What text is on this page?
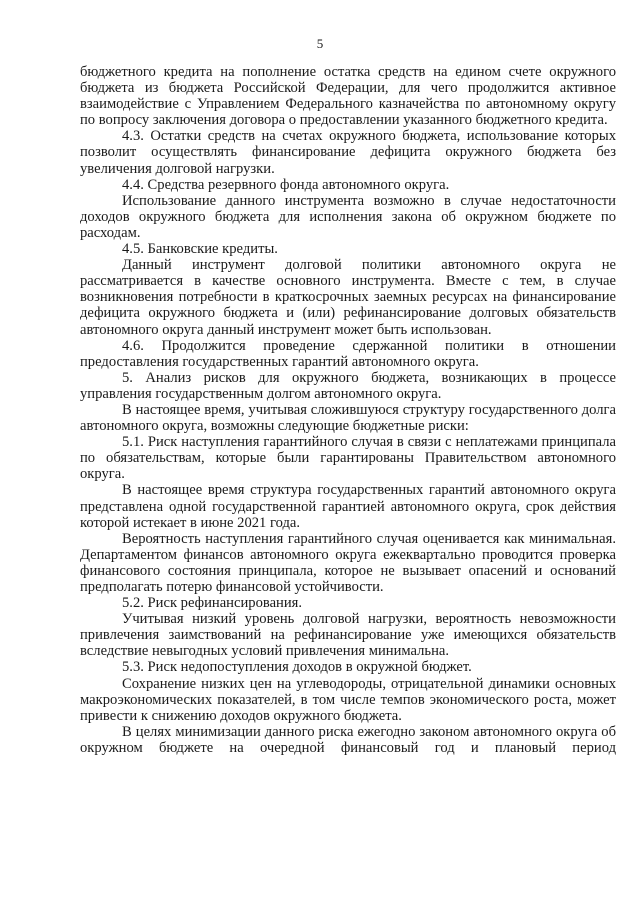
5

бюджетного кредита на пополнение остатка средств на едином счете окружного бюджета из бюджета Российской Федерации, для чего продолжится активное взаимодействие с Управлением Федерального казначейства по автономному округу по вопросу заключения договора о предоставлении указанного бюджетного кредита.

4.3. Остатки средств на счетах окружного бюджета, использование которых позволит осуществлять финансирование дефицита окружного бюджета без увеличения долговой нагрузки.

4.4. Средства резервного фонда автономного округа.

Использование данного инструмента возможно в случае недостаточности доходов окружного бюджета для исполнения закона об окружном бюджете по расходам.

4.5. Банковские кредиты.

Данный инструмент долговой политики автономного округа не рассматривается в качестве основного инструмента. Вместе с тем, в случае возникновения потребности в краткосрочных заемных ресурсах на финансирование дефицита окружного бюджета и (или) рефинансирование долговых обязательств автономного округа данный инструмент может быть использован.

4.6. Продолжится проведение сдержанной политики в отношении предоставления государственных гарантий автономного округа.

5. Анализ рисков для окружного бюджета, возникающих в процессе управления государственным долгом автономного округа.

В настоящее время, учитывая сложившуюся структуру государственного долга автономного округа, возможны следующие бюджетные риски:

5.1. Риск наступления гарантийного случая в связи с неплатежами принципала по обязательствам, которые были гарантированы Правительством автономного округа.

В настоящее время структура государственных гарантий автономного округа представлена одной государственной гарантией автономного округа, срок действия которой истекает в июне 2021 года.

Вероятность наступления гарантийного случая оценивается как минимальная. Департаментом финансов автономного округа ежеквартально проводится проверка финансового состояния принципала, которое не вызывает опасений и оснований предполагать потерю финансовой устойчивости.

5.2. Риск рефинансирования.

Учитывая низкий уровень долговой нагрузки, вероятность невозможности привлечения заимствований на рефинансирование уже имеющихся обязательств вследствие невыгодных условий привлечения минимальна.

5.3. Риск недопоступления доходов в окружной бюджет.

Сохранение низких цен на углеводороды, отрицательной динамики основных макроэкономических показателей, в том числе темпов экономического роста, может привести к снижению доходов окружного бюджета.

В целях минимизации данного риска ежегодно законом автономного округа об окружном бюджете на очередной финансовый год и плановый период
